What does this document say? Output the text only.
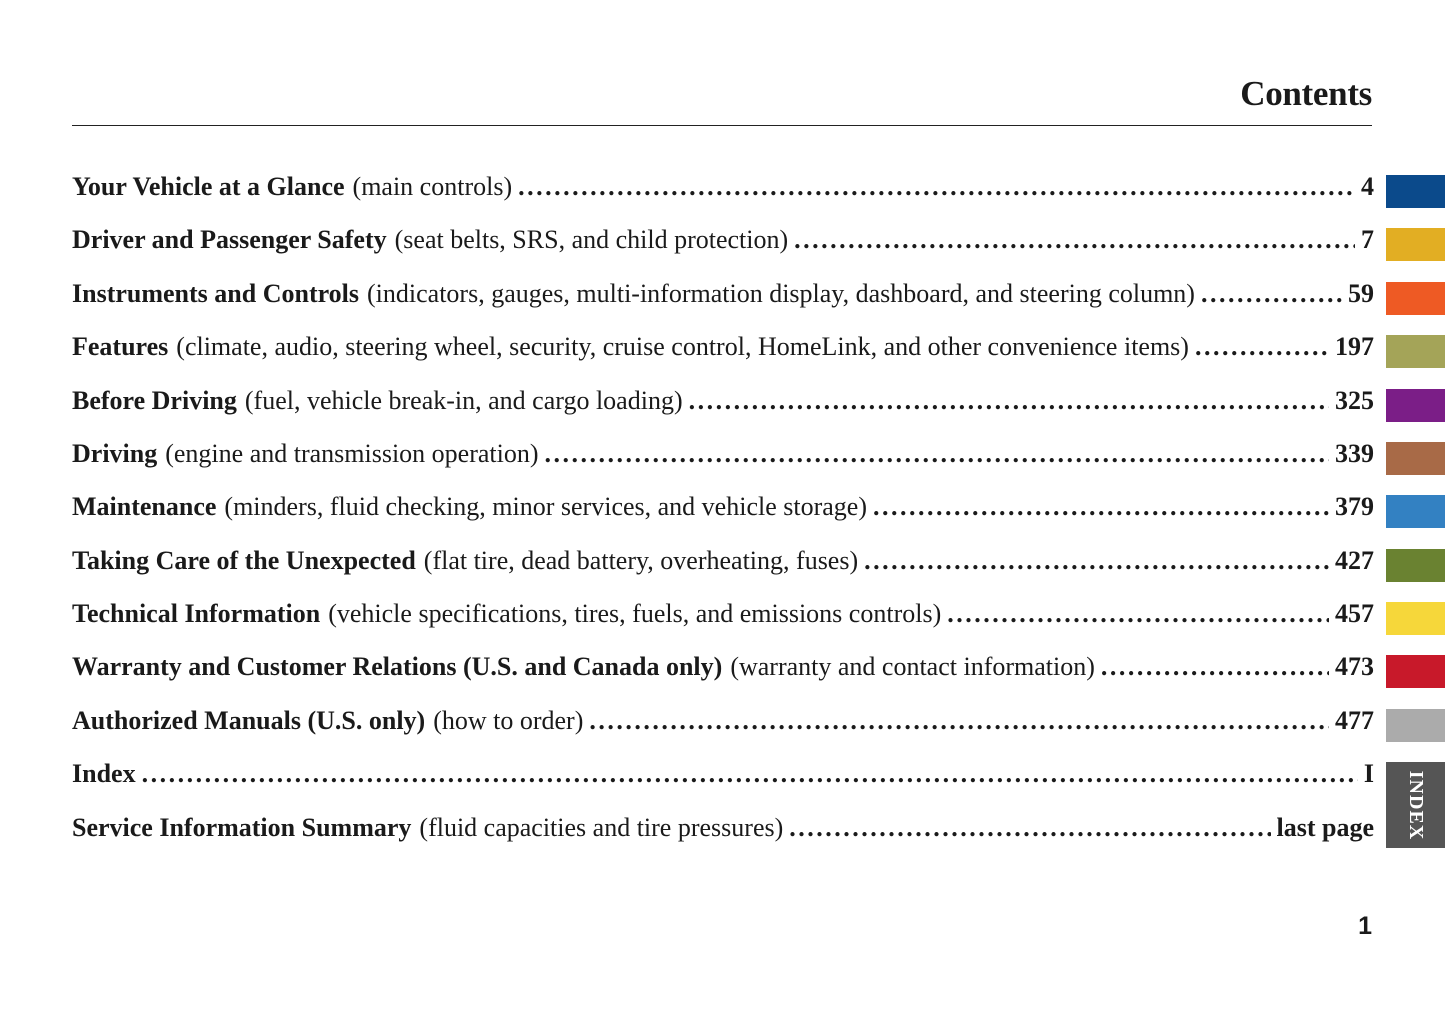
Contents
Your Vehicle at a Glance (main controls) .....	4
Driver and Passenger Safety (seat belts, SRS, and child protection) .....	7
Instruments and Controls (indicators, gauges, multi-information display, dashboard, and steering column) .....	59
Features (climate, audio, steering wheel, security, cruise control, HomeLink, and other convenience items) .....	197
Before Driving (fuel, vehicle break-in, and cargo loading) .....	325
Driving (engine and transmission operation) .....	339
Maintenance (minders, fluid checking, minor services, and vehicle storage) .....	379
Taking Care of the Unexpected (flat tire, dead battery, overheating, fuses) .....	427
Technical Information (vehicle specifications, tires, fuels, and emissions controls) .....	457
Warranty and Customer Relations (U.S. and Canada only) (warranty and contact information) .....	473
Authorized Manuals (U.S. only) (how to order) .....	477
Index .....	I
Service Information Summary (fluid capacities and tire pressures) .....	last page INDEX
1
